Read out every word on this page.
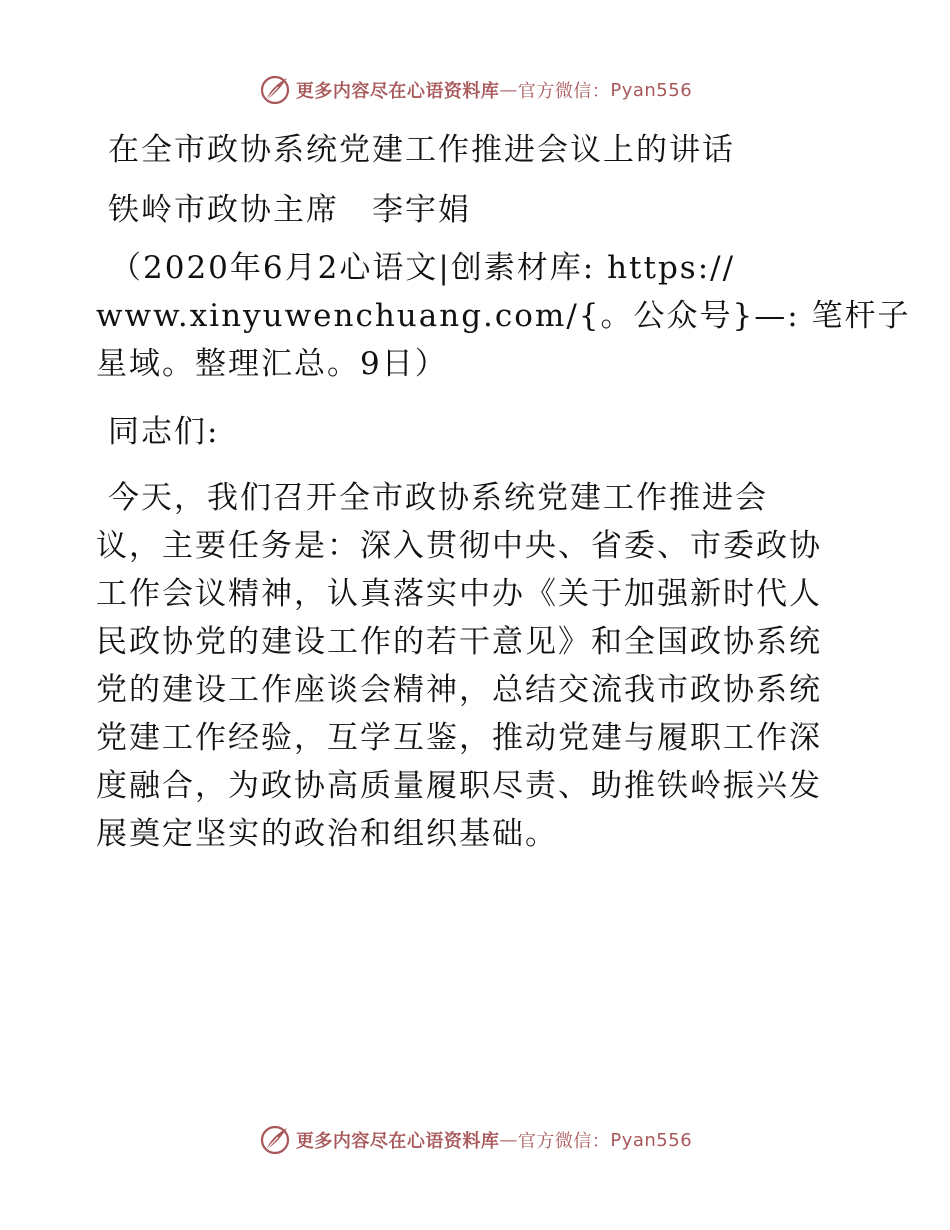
更多内容尽在心语资料库 — 官方微信： Pyan556
在全市政协系统党建工作推进会议上的讲话
铁岭市政协主席　李宇娟
（2020年6月2心语文|创素材库: https://
www.xinyuwenchuang.com/{。公众号}—: 笔杆子
星域。整理汇总。9日）
同志们:
今天，我们召开全市政协系统党建工作推进会
议，主要任务是：深入贯彻中央、省委、市委政协
工作会议精神，认真落实中办《关于加强新时代人
民政协党的建设工作的若干意见》和全国政协系统
党的建设工作座谈会精神，总结交流我市政协系统
党建工作经验，互学互鉴，推动党建与履职工作深
度融合，为政协高质量履职尽责、助推铁岭振兴发
展奠定坚实的政治和组织基础。
更多内容尽在心语资料库 — 官方微信： Pyan556
